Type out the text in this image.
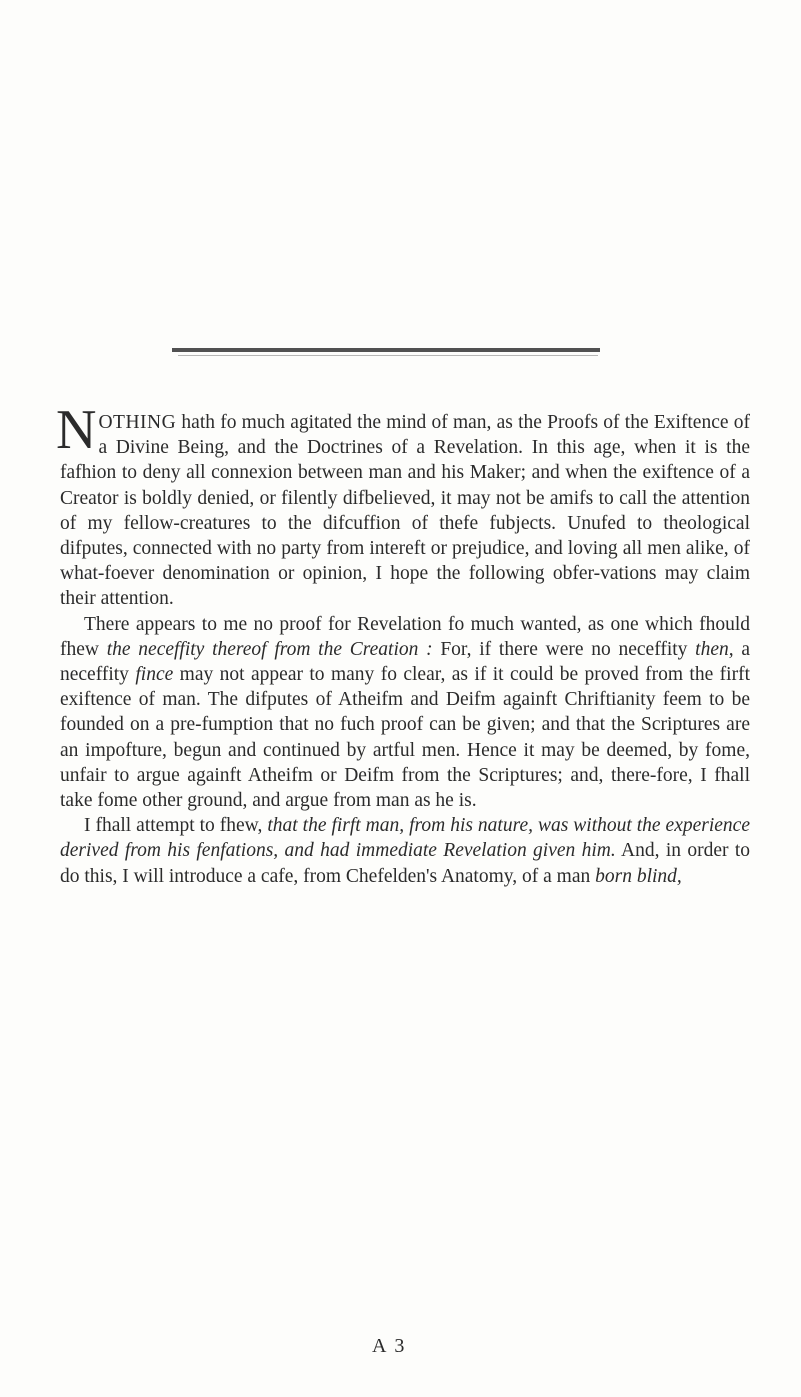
NOTHING hath fo much agitated the mind of man, as the Proofs of the Exiftence of a Divine Being, and the Doctrines of a Revelation. In this age, when it is the fafhion to deny all connexion between man and his Maker; and when the exiftence of a Creator is boldly denied, or filently difbelieved, it may not be amifs to call the attention of my fellow-creatures to the difcuffion of thefe fubjects. Unufed to theological difputes, connected with no party from intereft or prejudice, and loving all men alike, of what-foever denomination or opinion, I hope the following obfer-vations may claim their attention.

There appears to me no proof for Revelation fo much wanted, as one which fhould fhew the neceffity thereof from the Creation : For, if there were no neceffity then, a neceffity fince may not appear to many fo clear, as if it could be proved from the firft exiftence of man. The difputes of Atheifm and Deifm againft Chriftianity feem to be founded on a pre-fumption that no fuch proof can be given; and that the Scriptures are an impofture, begun and continued by artful men. Hence it may be deemed, by fome, unfair to argue againft Atheifm or Deifm from the Scriptures; and, there-fore, I fhall take fome other ground, and argue from man as he is.

I fhall attempt to fhew, that the firft man, from his nature, was without the experience derived from his fenfations, and had immediate Revelation given him. And, in order to do this, I will introduce a cafe, from Chefelden's Anatomy, of a man born blind,

A 3
